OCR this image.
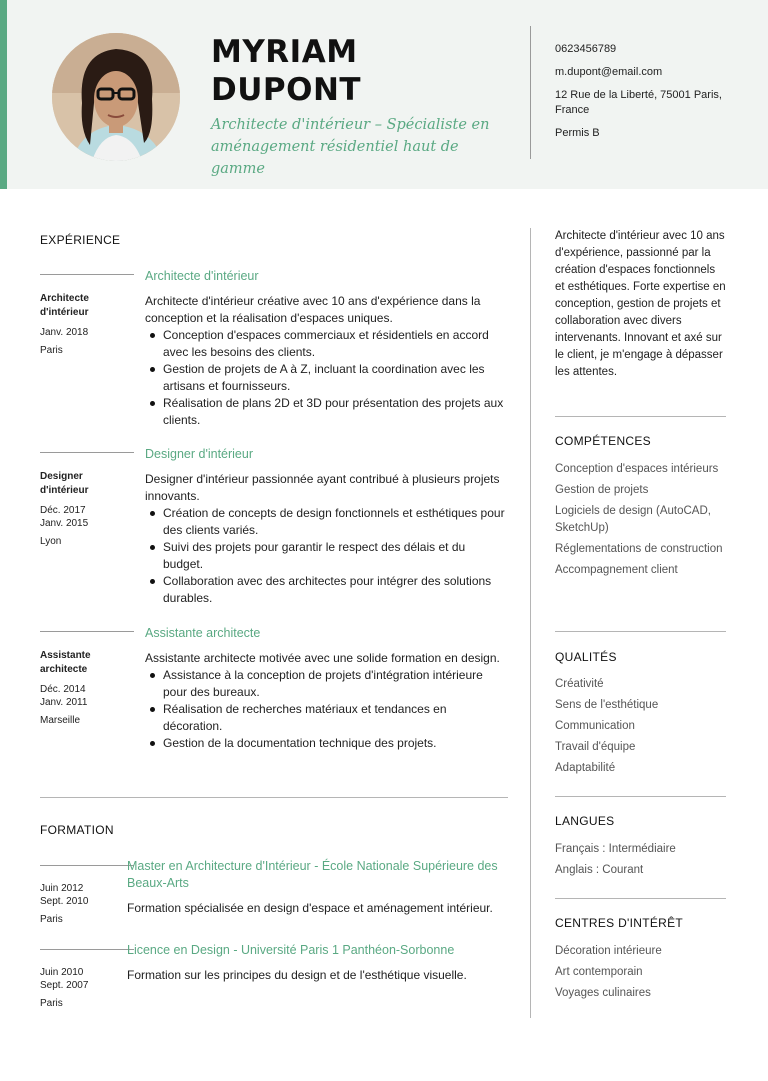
MYRIAM
DUPONT
Architecte d'intérieur – Spécialiste en aménagement résidentiel haut de gamme
0623456789
m.dupont@email.com
12 Rue de la Liberté, 75001 Paris, France
Permis B
EXPÉRIENCE
Architecte d'intérieur
Janv. 2018
Paris
Architecte d'intérieur
Architecte d'intérieur créative avec 10 ans d'expérience dans la conception et la réalisation d'espaces uniques.
Conception d'espaces commerciaux et résidentiels en accord avec les besoins des clients.
Gestion de projets de A à Z, incluant la coordination avec les artisans et fournisseurs.
Réalisation de plans 2D et 3D pour présentation des projets aux clients.
Designer d'intérieur
Déc. 2017
Janv. 2015
Lyon
Designer d'intérieur
Designer d'intérieur passionnée ayant contribué à plusieurs projets innovants.
Création de concepts de design fonctionnels et esthétiques pour des clients variés.
Suivi des projets pour garantir le respect des délais et du budget.
Collaboration avec des architectes pour intégrer des solutions durables.
Assistante architecte
Déc. 2014
Janv. 2011
Marseille
Assistante architecte
Assistante architecte motivée avec une solide formation en design.
Assistance à la conception de projets d'intégration intérieure pour des bureaux.
Réalisation de recherches matériaux et tendances en décoration.
Gestion de la documentation technique des projets.
FORMATION
Juin 2012
Sept. 2010
Paris
Master en Architecture d'Intérieur - École Nationale Supérieure des Beaux-Arts
Formation spécialisée en design d'espace et aménagement intérieur.
Juin 2010
Sept. 2007
Paris
Licence en Design - Université Paris 1 Panthéon-Sorbonne
Formation sur les principes du design et de l'esthétique visuelle.
Architecte d'intérieur avec 10 ans d'expérience, passionné par la création d'espaces fonctionnels et esthétiques. Forte expertise en conception, gestion de projets et collaboration avec divers intervenants. Innovant et axé sur le client, je m'engage à dépasser les attentes.
COMPÉTENCES
Conception d'espaces intérieurs
Gestion de projets
Logiciels de design (AutoCAD, SketchUp)
Réglementations de construction
Accompagnement client
QUALITÉS
Créativité
Sens de l'esthétique
Communication
Travail d'équipe
Adaptabilité
LANGUES
Français : Intermédiaire
Anglais : Courant
CENTRES D'INTÉRÊT
Décoration intérieure
Art contemporain
Voyages culinaires
